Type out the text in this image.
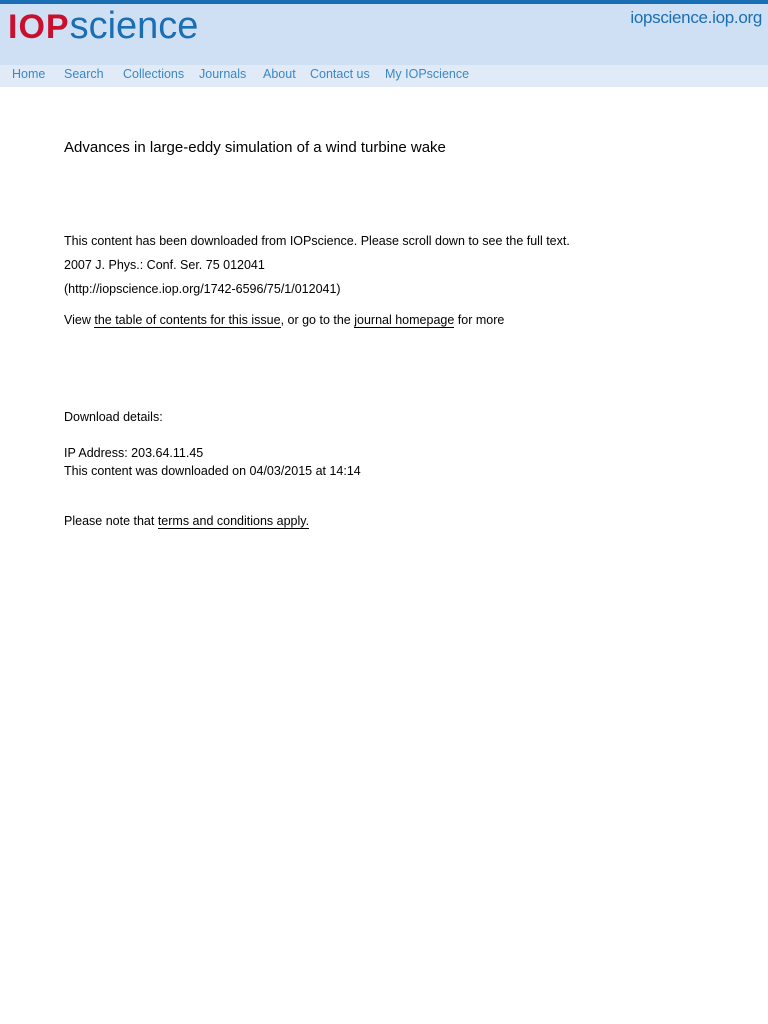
IOPscience	iopscience.iop.org
Home Search Collections Journals About Contact us My IOPscience
Advances in large-eddy simulation of a wind turbine wake
This content has been downloaded from IOPscience. Please scroll down to see the full text.
2007 J. Phys.: Conf. Ser. 75 012041
(http://iopscience.iop.org/1742-6596/75/1/012041)
View the table of contents for this issue, or go to the journal homepage for more
Download details:
IP Address: 203.64.11.45
This content was downloaded on 04/03/2015 at 14:14
Please note that terms and conditions apply.
